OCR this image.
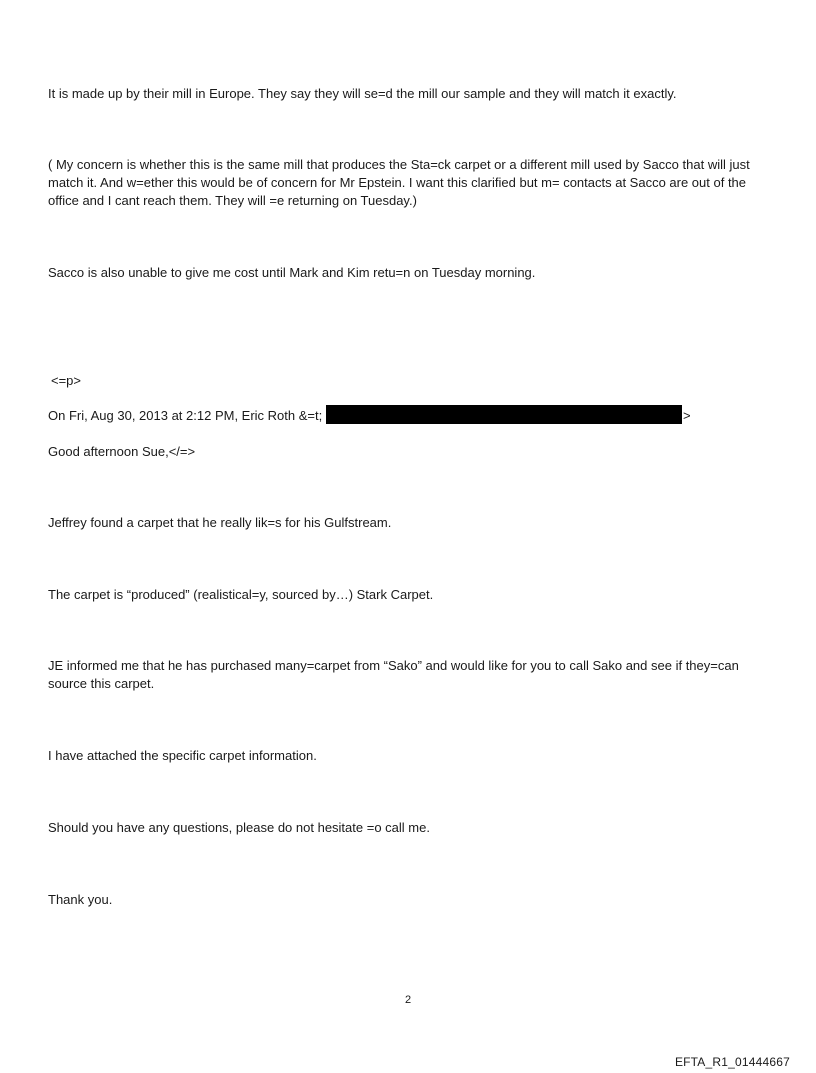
It is made up by their mill in Europe. They say they will se=d the mill our sample and they will match it exactly.

( My concern is whether this is the same mill that produces the Sta=ck carpet or a different mill used by Sacco that will just match it. And w=ether this would be of concern for Mr Epstein. I want this clarified but m= contacts at Sacco are out of the office and I cant reach them. They will =e returning on Tuesday.)

Sacco is also unable to give me cost until Mark and Kim retu=n on Tuesday morning.

<=p>

On Fri, Aug 30, 2013 at 2:12 PM, Eric Roth &=t;	>

Good afternoon Sue,</=>

Jeffrey found a carpet that he really lik=s for his Gulfstream.

The carpet is “produced” (realistical=y, sourced by…) Stark Carpet.

JE informed me that he has purchased many=carpet from “Sako” and would like for you to call Sako and see if they=can source this carpet.

I have attached the specific carpet information.

Should you have any questions, please do not hesitate =o call me.

Thank you.

2
EFTA_R1_01444667
